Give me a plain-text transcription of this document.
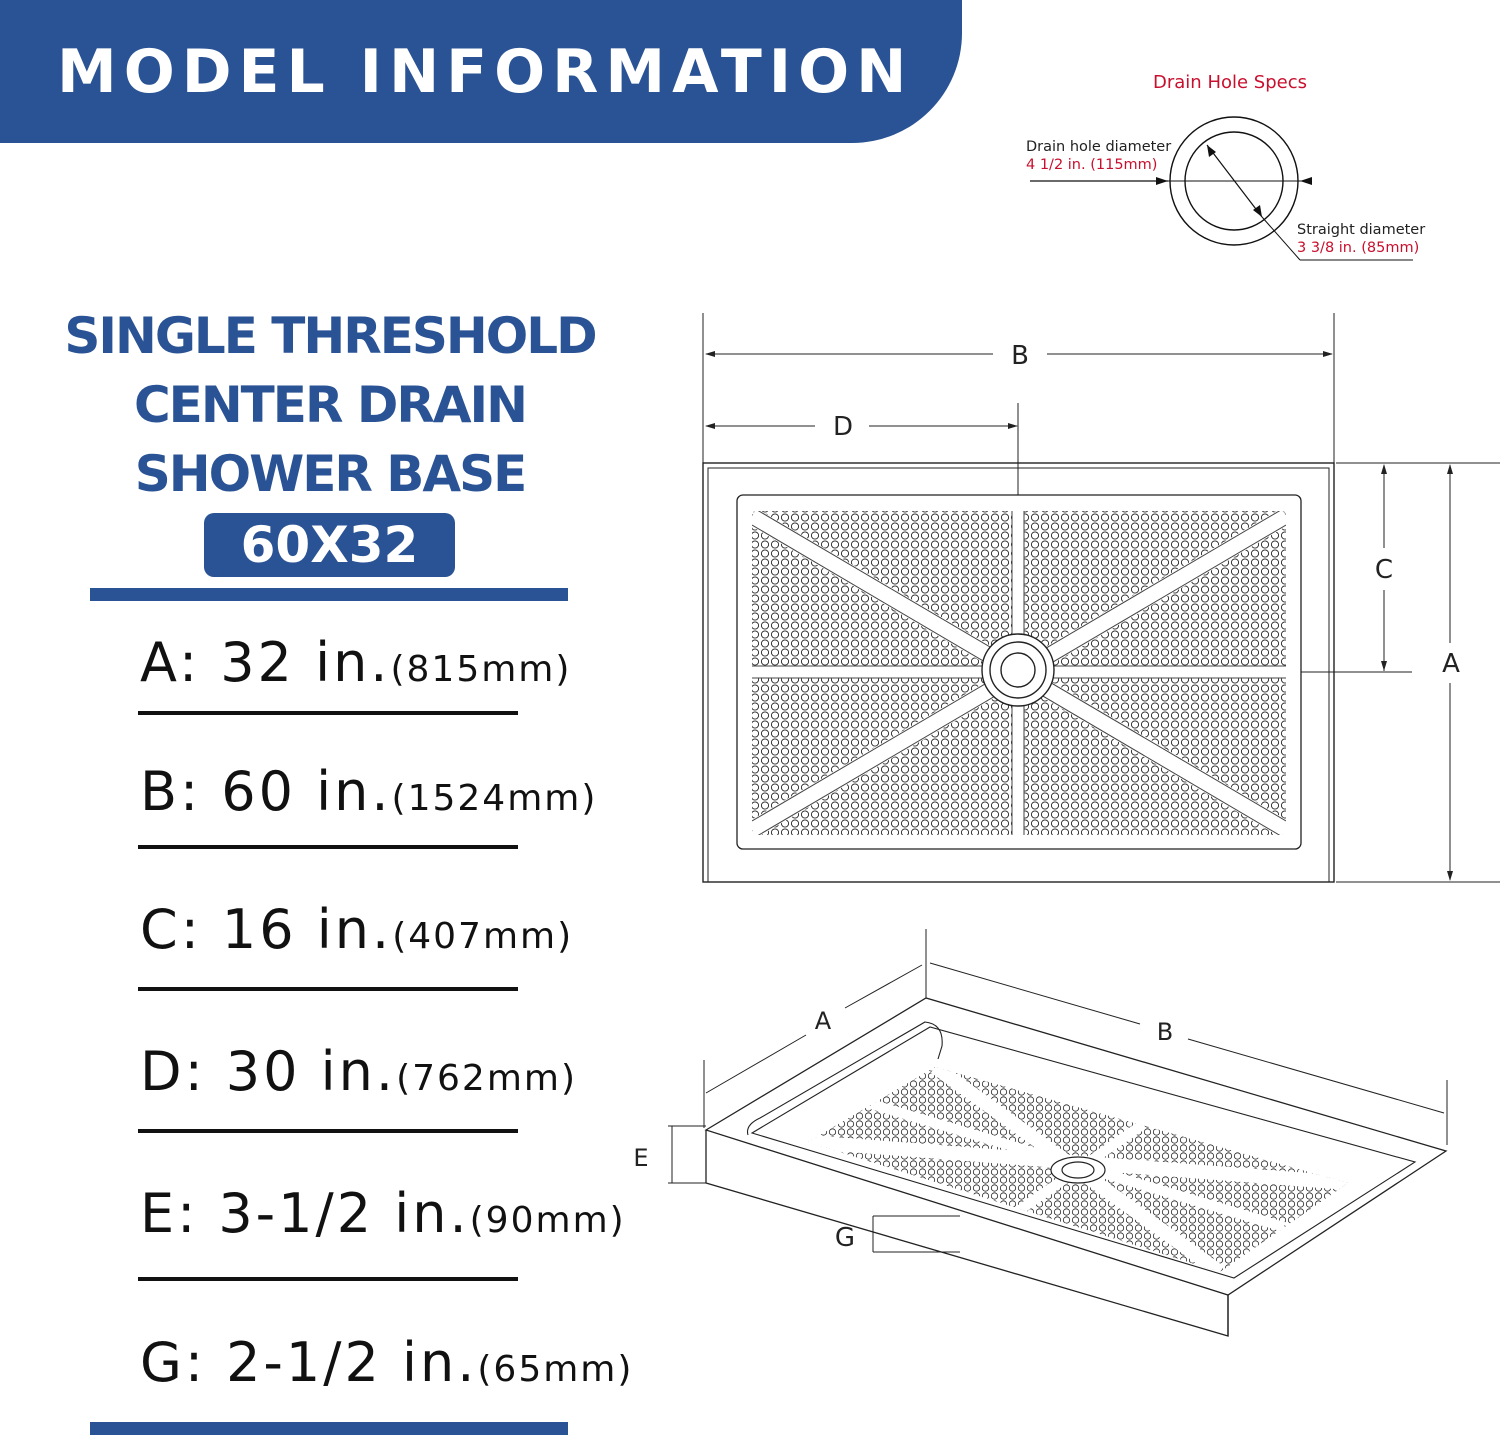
MODEL INFORMATION
SINGLE THRESHOLD
CENTER DRAIN
SHOWER BASE
60X32
A: 32 in.(815mm)
B: 60 in.(1524mm)
C: 16 in.(407mm)
D: 30 in.(762mm)
E: 3-1/2 in.(90mm)
G: 2-1/2 in.(65mm)
Drain Hole Specs
Drain hole diameter
4 1/2 in. (115mm)
Straight diameter
3 3/8 in. (85mm)
B
D
C
A
A	B
E
G
